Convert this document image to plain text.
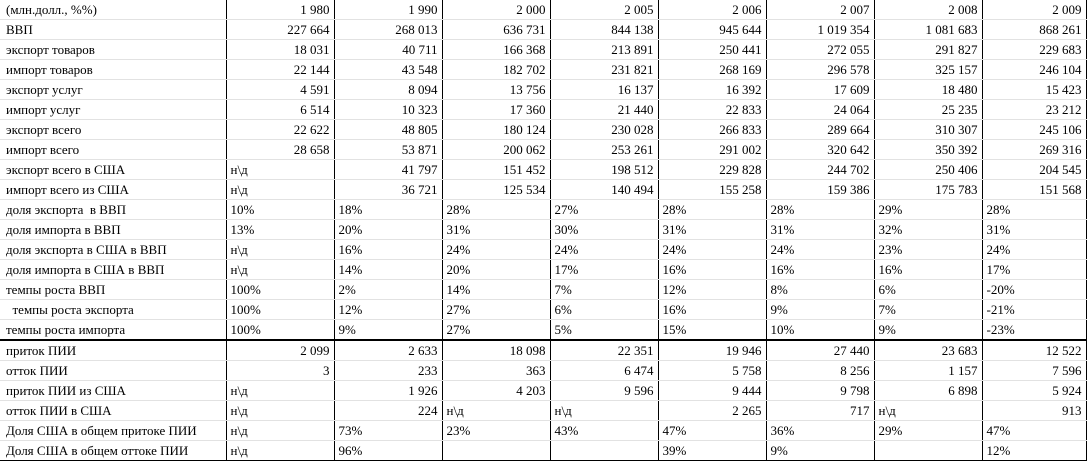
(млн.долл., %%)	1 980	1 990	2 000	2 005	2 006	2 007	2 008	2 009
ВВП	227 664	268 013	636 731	844 138	945 644	1 019 354	1 081 683	868 261
экспорт товаров	18 031	40 711	166 368	213 891	250 441	272 055	291 827	229 683
импорт товаров	22 144	43 548	182 702	231 821	268 169	296 578	325 157	246 104
экспорт услуг	4 591	8 094	13 756	16 137	16 392	17 609	18 480	15 423
импорт услуг	6 514	10 323	17 360	21 440	22 833	24 064	25 235	23 212
экспорт всего	22 622	48 805	180 124	230 028	266 833	289 664	310 307	245 106
импорт всего	28 658	53 871	200 062	253 261	291 002	320 642	350 392	269 316
экспорт всего в США	н\д	41 797	151 452	198 512	229 828	244 702	250 406	204 545
импорт всего из США	н\д	36 721	125 534	140 494	155 258	159 386	175 783	151 568
доля экспорта  в ВВП	10%	18%	28%	27%	28%	28%	29%	28%
доля импорта в ВВП	13%	20%	31%	30%	31%	31%	32%	31%
доля экспорта в США в ВВП	н\д	16%	24%	24%	24%	24%	23%	24%
доля импорта в США в ВВП	н\д	14%	20%	17%	16%	16%	16%	17%
темпы роста ВВП	100%	2%	14%	7%	12%	8%	6%	-20%
темпы роста экспорта	100%	12%	27%	6%	16%	9%	7%	-21%
темпы роста импорта	100%	9%	27%	5%	15%	10%	9%	-23%
приток ПИИ	2 099	2 633	18 098	22 351	19 946	27 440	23 683	12 522
отток ПИИ	3	233	363	6 474	5 758	8 256	1 157	7 596
приток ПИИ из США	н\д	1 926	4 203	9 596	9 444	9 798	6 898	5 924
отток ПИИ в США	н\д	224	н\д	н\д	2 265	717	н\д	913
Доля США в общем притоке ПИИ	н\д	73%	23%	43%	47%	36%	29%	47%
Доля США в общем оттоке ПИИ	н\д	96%			39%	9%		12%
